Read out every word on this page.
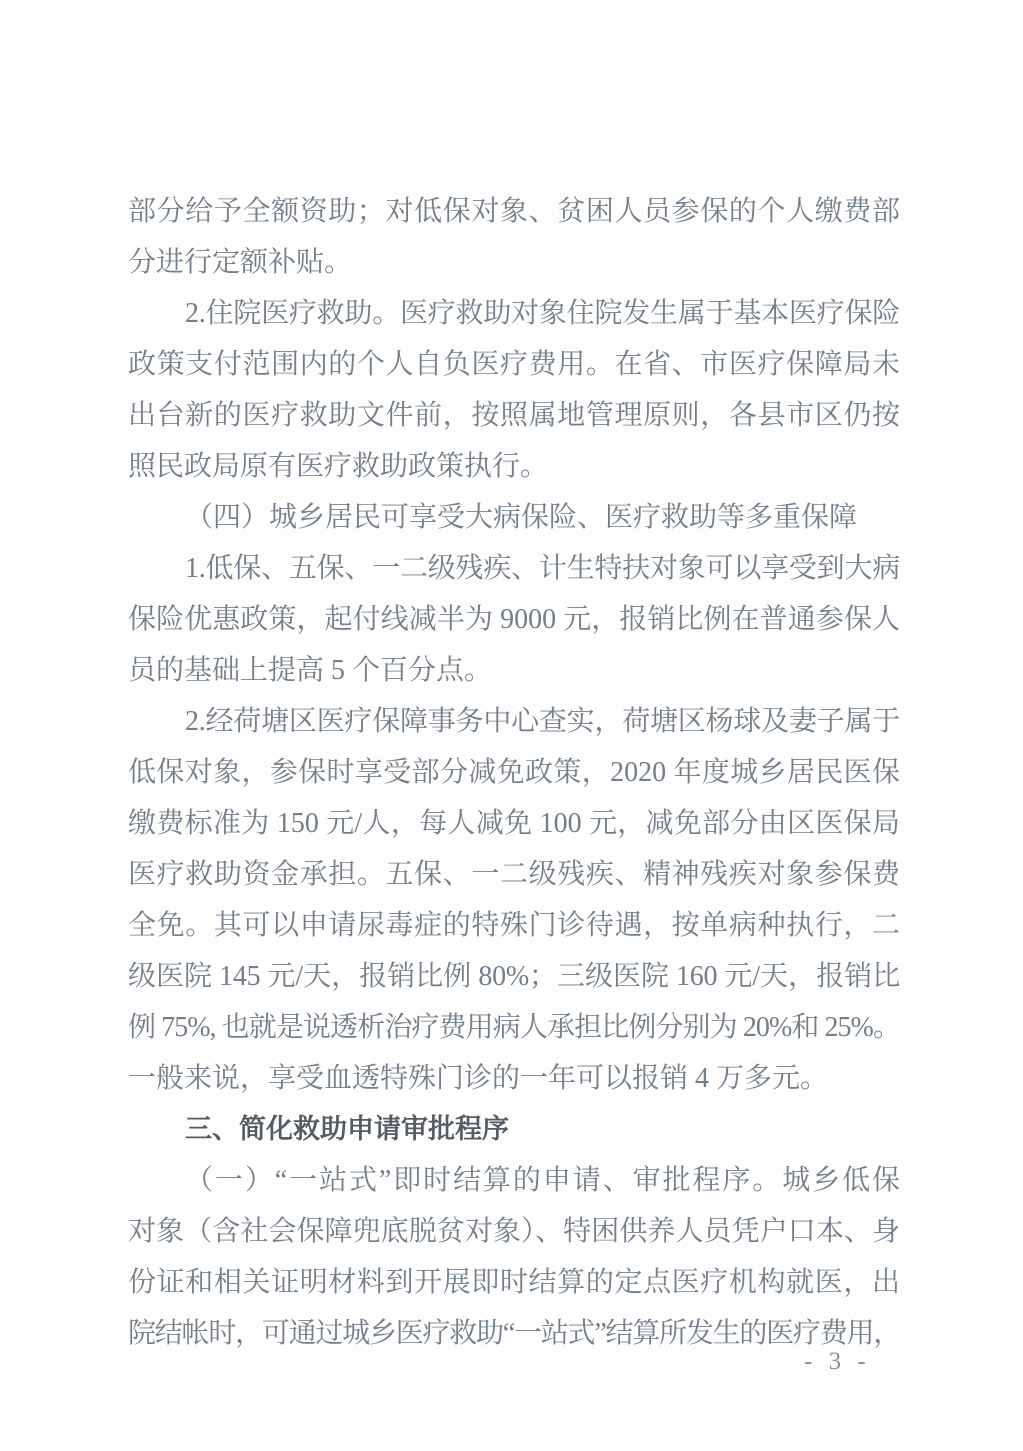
部分给予全额资助；对低保对象、贫困人员参保的个人缴费部
分进行定额补贴。
2.住院医疗救助。医疗救助对象住院发生属于基本医疗保险
政策支付范围内的个人自负医疗费用。在省、市医疗保障局未
出台新的医疗救助文件前，按照属地管理原则，各县市区仍按
照民政局原有医疗救助政策执行。
（四）城乡居民可享受大病保险、医疗救助等多重保障
1.低保、五保、一二级残疾、计生特扶对象可以享受到大病
保险优惠政策，起付线减半为 9000 元，报销比例在普通参保人
员的基础上提高 5 个百分点。
2.经荷塘区医疗保障事务中心查实，荷塘区杨球及妻子属于
低保对象，参保时享受部分减免政策，2020 年度城乡居民医保
缴费标准为 150 元/人，每人减免 100 元，减免部分由区医保局
医疗救助资金承担。五保、一二级残疾、精神残疾对象参保费
全免。其可以申请尿毒症的特殊门诊待遇，按单病种执行，二
级医院 145 元/天，报销比例 80%；三级医院 160 元/天，报销比
例 75%, 也就是说透析治疗费用病人承担比例分别为 20%和 25%。
一般来说，享受血透特殊门诊的一年可以报销 4 万多元。
三、简化救助申请审批程序
（一）“一站式”即时结算的申请、审批程序。城乡低保
对象（含社会保障兜底脱贫对象）、特困供养人员凭户口本、身
份证和相关证明材料到开展即时结算的定点医疗机构就医，出
院结帐时，可通过城乡医疗救助“一站式”结算所发生的医疗费用，
- 3 -
